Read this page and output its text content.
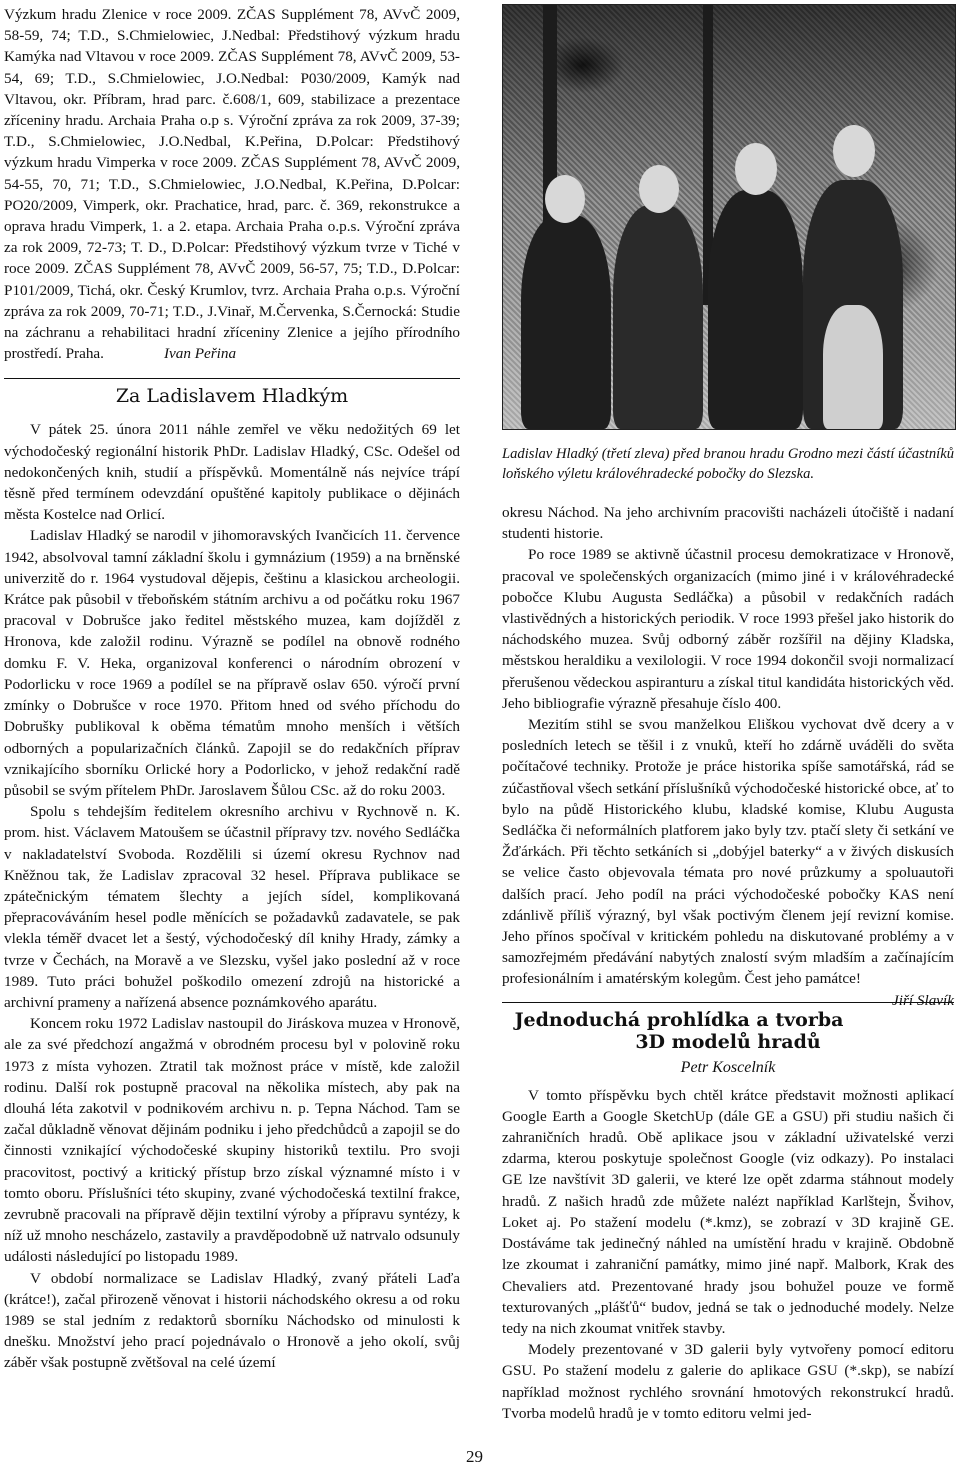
Výzkum hradu Zlenice v roce 2009. ZČAS Supplément 78, AVvČ 2009, 58-59, 74; T.D., S.Chmielowiec, J.Nedbal: Předstihový výzkum hradu Kamýka nad Vltavou v roce 2009. ZČAS Supplément 78, AVvČ 2009, 53-54, 69; T.D., S.Chmielowiec, J.O.Nedbal: P030/2009, Kamýk nad Vltavou, okr. Příbram, hrad parc. č.608/1, 609, stabilizace a prezentace zříceniny hradu. Archaia Praha o.p s. Výroční zpráva za rok 2009, 37-39; T.D., S.Chmielowiec, J.O.Nedbal, K.Peřina, D.Polcar: Předstihový výzkum hradu Vimperka v roce 2009. ZČAS Supplément 78, AVvČ 2009, 54-55, 70, 71; T.D., S.Chmielowiec, J.O.Nedbal, K.Peřina, D.Polcar: PO20/2009, Vimperk, okr. Prachatice, hrad, parc. č. 369, rekonstrukce a oprava hradu Vimperk, 1. a 2. etapa. Archaia Praha o.p.s. Výroční zpráva za rok 2009, 72-73; T. D., D.Polcar: Předstihový výzkum tvrze v Tiché v roce 2009. ZČAS Supplément 78, AVvČ 2009, 56-57, 75; T.D., D.Polcar: P101/2009, Tichá, okr. Český Krumlov, tvrz. Archaia Praha o.p.s. Výroční zpráva za rok 2009, 70-71; T.D., J.Vinař, M.Červenka, S.Černocká: Studie na záchranu a rehabilitaci hradní zříceniny Zlenice a jejího přírodního prostředí. Praha.	Ivan Peřina

Za Ladislavem Hladkým

V pátek 25. února 2011 náhle zemřel ve věku nedožitých 69 let východočeský regionální historik PhDr. Ladislav Hladký, CSc. Odešel od nedokončených knih, studií a příspěvků. Momentálně nás nejvíce trápí těsně před termínem odevzdání opuštěné kapitoly publikace o dějinách města Kostelce nad Orlicí.

Ladislav Hladký se narodil v jihomoravských Ivančicích 11. července 1942, absolvoval tamní základní školu i gymnázium (1959) a na brněnské univerzitě do r. 1964 vystudoval dějepis, češtinu a klasickou archeologii. Krátce pak působil v třeboňském státním archivu a od počátku roku 1967 pracoval v Dobrušce jako ředitel městského muzea, kam dojížděl z Hronova, kde založil rodinu. Výrazně se podílel na obnově rodného domku F. V. Heka, organizoval konferenci o národním obrození v Podorlicku v roce 1969 a podílel se na přípravě oslav 650. výročí první zmínky o Dobrušce v roce 1970. Přitom hned od svého příchodu do Dobrušky publikoval k oběma tématům mnoho menších i větších odborných a popularizačních článků. Zapojil se do redakčních příprav vznikajícího sborníku Orlické hory a Podorlicko, v jehož redakční radě působil se svým přítelem PhDr. Jaroslavem Šůlou CSc. až do roku 2003.

Spolu s tehdejším ředitelem okresního archivu v Rychnově n. K. prom. hist. Václavem Matoušem se účastnil přípravy tzv. nového Sedláčka v nakladatelství Svoboda. Rozdělili si území okresu Rychnov nad Kněžnou tak, že Ladislav zpracoval 32 hesel. Příprava publikace se zpátečnickým tématem šlechty a jejích sídel, komplikovaná přepracováváním hesel podle měnících se požadavků zadavatele, se pak vlekla téměř dvacet let a šestý, východočeský díl knihy Hrady, zámky a tvrze v Čechách, na Moravě a ve Slezsku, vyšel jako poslední až v roce 1989. Tuto práci bohužel poškodilo omezení zdrojů na historické a archivní prameny a nařízená absence poznámkového aparátu.

Koncem roku 1972 Ladislav nastoupil do Jiráskova muzea v Hronově, ale za své předchozí angažmá v obrodném procesu byl v polovině roku 1973 z místa vyhozen. Ztratil tak možnost práce v místě, kde založil rodinu. Další rok postupně pracoval na několika místech, aby pak na dlouhá léta zakotvil v podnikovém archivu n. p. Tepna Náchod. Tam se začal důkladně věnovat dějinám podniku i jeho předchůdců a zapojil se do činnosti vznikající východočeské skupiny historiků textilu. Pro svoji pracovitost, poctivý a kritický přístup brzo získal významné místo i v tomto oboru. Příslušníci této skupiny, zvané východočeská textilní frakce, zevrubně pracovali na přípravě dějin textilní výroby a přípravu syntézy, k níž už mnoho nescházelo, zastavily a pravděpodobně už natrvalo odsunuly události následující po listopadu 1989.

V období normalizace se Ladislav Hladký, zvaný přáteli Laďa (krátce!), začal přirozeně věnovat i historii náchodského okresu a od roku 1989 se stal jedním z redaktorů sborníku Náchodsko od minulosti k dnešku. Množství jeho prací pojednávalo o Hronově a jeho okolí, svůj záběr však postupně zvětšoval na celé území

Ladislav Hladký (třetí zleva) před branou hradu Grodno mezi částí účastníků loňského výletu královéhradecké pobočky do Slezska.

okresu Náchod. Na jeho archivním pracovišti nacházeli útočiště i nadaní studenti historie.

Po roce 1989 se aktivně účastnil procesu demokratizace v Hronově, pracoval ve společenských organizacích (mimo jiné i v královéhradecké pobočce Klubu Augusta Sedláčka) a působil v redakčních radách vlastivědných a historických periodik. V roce 1993 přešel jako historik do náchodského muzea. Svůj odborný záběr rozšířil na dějiny Kladska, městskou heraldiku a vexilologii. V roce 1994 dokončil svoji normalizací přerušenou vědeckou aspiranturu a získal titul kandidáta historických věd. Jeho bibliografie výrazně přesahuje číslo 400.

Mezitím stihl se svou manželkou Eliškou vychovat dvě dcery a v posledních letech se těšil i z vnuků, kteří ho zdárně uváděli do světa počítačové techniky. Protože je práce historika spíše samotářská, rád se zúčastňoval všech setkání příslušníků východočeské historické obce, ať to bylo na půdě Historického klubu, kladské komise, Klubu Augusta Sedláčka či neformálních platforem jako byly tzv. ptačí slety či setkání ve Žďárkách. Při těchto setkáních si „dobýjel baterky“ a v živých diskusích se velice často objevovala témata pro nové průzkumy a spoluautoři dalších prací. Jeho podíl na práci východočeské pobočky KAS není zdánlivě příliš výrazný, byl však poctivým členem její revizní komise. Jeho přínos spočíval v kritickém pohledu na diskutované problémy a v samozřejmém předávání nabytých znalostí svým mladším a začínajícím profesionálním i amatérským kolegům. Čest jeho památce!
Jiří Slavík

Jednoduchá prohlídka a tvorba 3D modelů hradů
Petr Koscelník

V tomto příspěvku bych chtěl krátce představit možnosti aplikací Google Earth a Google SketchUp (dále GE a GSU) při studiu našich či zahraničních hradů. Obě aplikace jsou v základní uživatelské verzi zdarma, kterou poskytuje společnost Google (viz odkazy). Po instalaci GE lze navštívit 3D galerii, ve které lze opět zdarma stáhnout modely hradů. Z našich hradů zde můžete nalézt například Karlštejn, Švihov, Loket aj. Po stažení modelu (*.kmz), se zobrazí v 3D krajině GE. Dostáváme tak jedinečný náhled na umístění hradu v krajině. Obdobně lze zkoumat i zahraniční památky, mimo jiné např. Malbork, Krak des Chevaliers atd. Prezentované hrady jsou bohužel pouze ve formě texturovaných „plášťů“ budov, jedná se tak o jednoduché modely. Nelze tedy na nich zkoumat vnitřek stavby.

Modely prezentované v 3D galerii byly vytvořeny pomocí editoru GSU. Po stažení modelu z galerie do aplikace GSU (*.skp), se nabízí například možnost rychlého srovnání hmotových rekonstrukcí hradů. Tvorba modelů hradů je v tomto editoru velmi jed-

29
